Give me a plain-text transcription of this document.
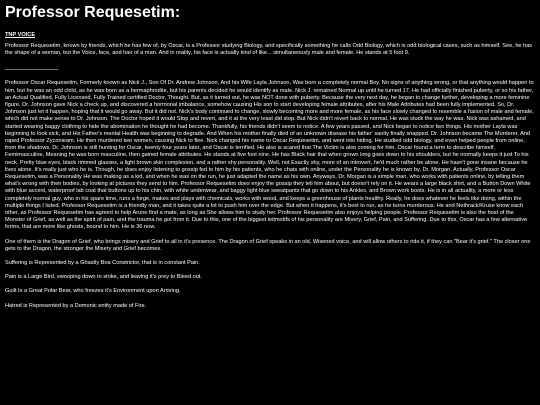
Professor Requesetim:
TNP VOICE

Professor Requesetim, known by friends, which he has few of, by Oscar, is a Professor studying Biology, and specifically something he calls Odd Biology, which is odd biological cases, such as himself. See, he has the shape of a woman, but the Voice, face, and hair of a man. And in reality, his face is actually kind of like... simultaneously male and female. He stands at 5 foot 9.

________________

Professor Oscar Requesetim, Formerly known as Nick J., Son Of Dr. Andrew Johnson, And his Wife Layla Johnson, Was born a completely normal Boy. No signs of anything wrong, or that anything would happen to him, but he was an odd child, as he was born as a hermaphrodite, but his parents decided he would identify as male. Nick J. remained Normal up until he turned 17. He had officially finished puberty, or so his father, an Actual Qualified, Fully Licensed, Fully Trained certified Doctor, Thought. But, as it turned out, he was NOT done with puberty. Because the very next day, he began to change further, developing a more feminine figure. Dr. Johnson gave Nick a check up, and discovered a hormonal imbalance, somehow causing His son to start developing female attributes, after his Male Attributes had been fully implemented. So, Dr. Johnson just let it happen, hoping that it would go away. But it did not. Nick's body continued to change, slowly becoming more and more female, as his face slowly changed to resemble a fusion of male and female, which did not make sense to Dr. Johnson. The Doctor hoped it would Stop and revert, and it at the very least did stop. But Nick didn't revert back to normal. He was stuck the way he was. Nick was ashamed, and started wearing baggy clothing to hide the abomination he thought he had become. Thankfully, his friends didn't seem to notice. A few years passed, and Nick began to notice two things. His mother Layla was beginning to look sick, and His Father's mental Health was beginning to degrade. And When his mother finally died of an unknown disease his father' sanity finally snapped. Dr. Johnson became The Murderer. And raped Professor Zyconieam. He then murdered two women, causing Nick to flee. Nick changed his name to Oscar Requesetim, and went into hiding. He studied odd biology, and even helped people from online, from the shadows. Dr. Johnson is still hunting for Oscar, twenty four years later, and Oscar is terrified. He also is scared that The Victim is also coming for him. Oscar found a term to describe himself, Femimasculine. Meaning he was born masculine, then gained female attributes. He stands at five foot nine. He has Black hair that when grown long goes down to his shoulders, but he normally keeps it just To his neck. Pretty blue eyes, black rimmed glasses, a light brown skin complexion, and a rather shy personality. Well, not Exactly shy, more of an introvert, he'd much rather be alone. He hasn't gone insane because he lives alone. It's really just who he is. Though, he does enjoy listening to gossip fed to him by his patients, who he chats with online, under the Personality he is known by, Dr. Morgan. Actually, Professor Oscar Requesetim, was a Personality He was making as a kid, and when he was on the run, he just adapted the name as his own. Anyways, Dr. Morgan is a simple man, who works with patients online, by telling them what's wrong with their bodies, by looking at pictures they send to him. Professor Requesetim does enjoy the gossip they tell him about, but doesn't rely on it. He wears a large black shirt, and a Button Down White with blue accent, waterproof lab coat that buttons up to his chin, with white underwear, and baggy light blue sweatpants that go down to his Ankles, and Brown work boots. He is in all actuality, a more or less completely normal guy, who in his spare time, runs a forge, makes and plays with chemicals, works with wood, and keeps a greenhouse of plants healthy. Really, he does whatever he feels like doing, within the multiple things I listed. Professor Requesetim is a friendly man, and it takes quite a lot to push him over the edge. But when it happens, it's best to run, as he turns murderous. He and Nethrack/Kruse know each other, as Professor Requesetim has agreed to help Arune find a mate, as long as She allows him to study her. Professor Requesetim also enjoys helping people. Professor Requesetim is also the host of the Monster of Grief, as well as the spirit of pain, and the trauma he got from it. Due to this, one of the biggest leitmotifs of his personality are Misery, Grief, Pain, and Suffering. Due to this, Oscar has a few alternative forms, that are more like ghosts, bound to him. He is 36 now.

One of them is the Dragon of Grief, who brings misery and Grief to all in it's presence. The Dragon of Grief speaks in an old, Wisened voice, and will allow others to ride it, if they can "Bear it's grief." The closer one gets to the Dragon, the stronger the Misery and Grief becomes.

Suffering is Represented by a Ghastly Boa Constrictor, that is in constant Pain.

Pain is a Large Bird, swooping down to strike, and leaving it's prey to Bleed out.

Guilt Is a Great Polar Bear, who freezes it's Environment upon Arriving.

Hatred is Represented by a Demonic entity made of Fire.
